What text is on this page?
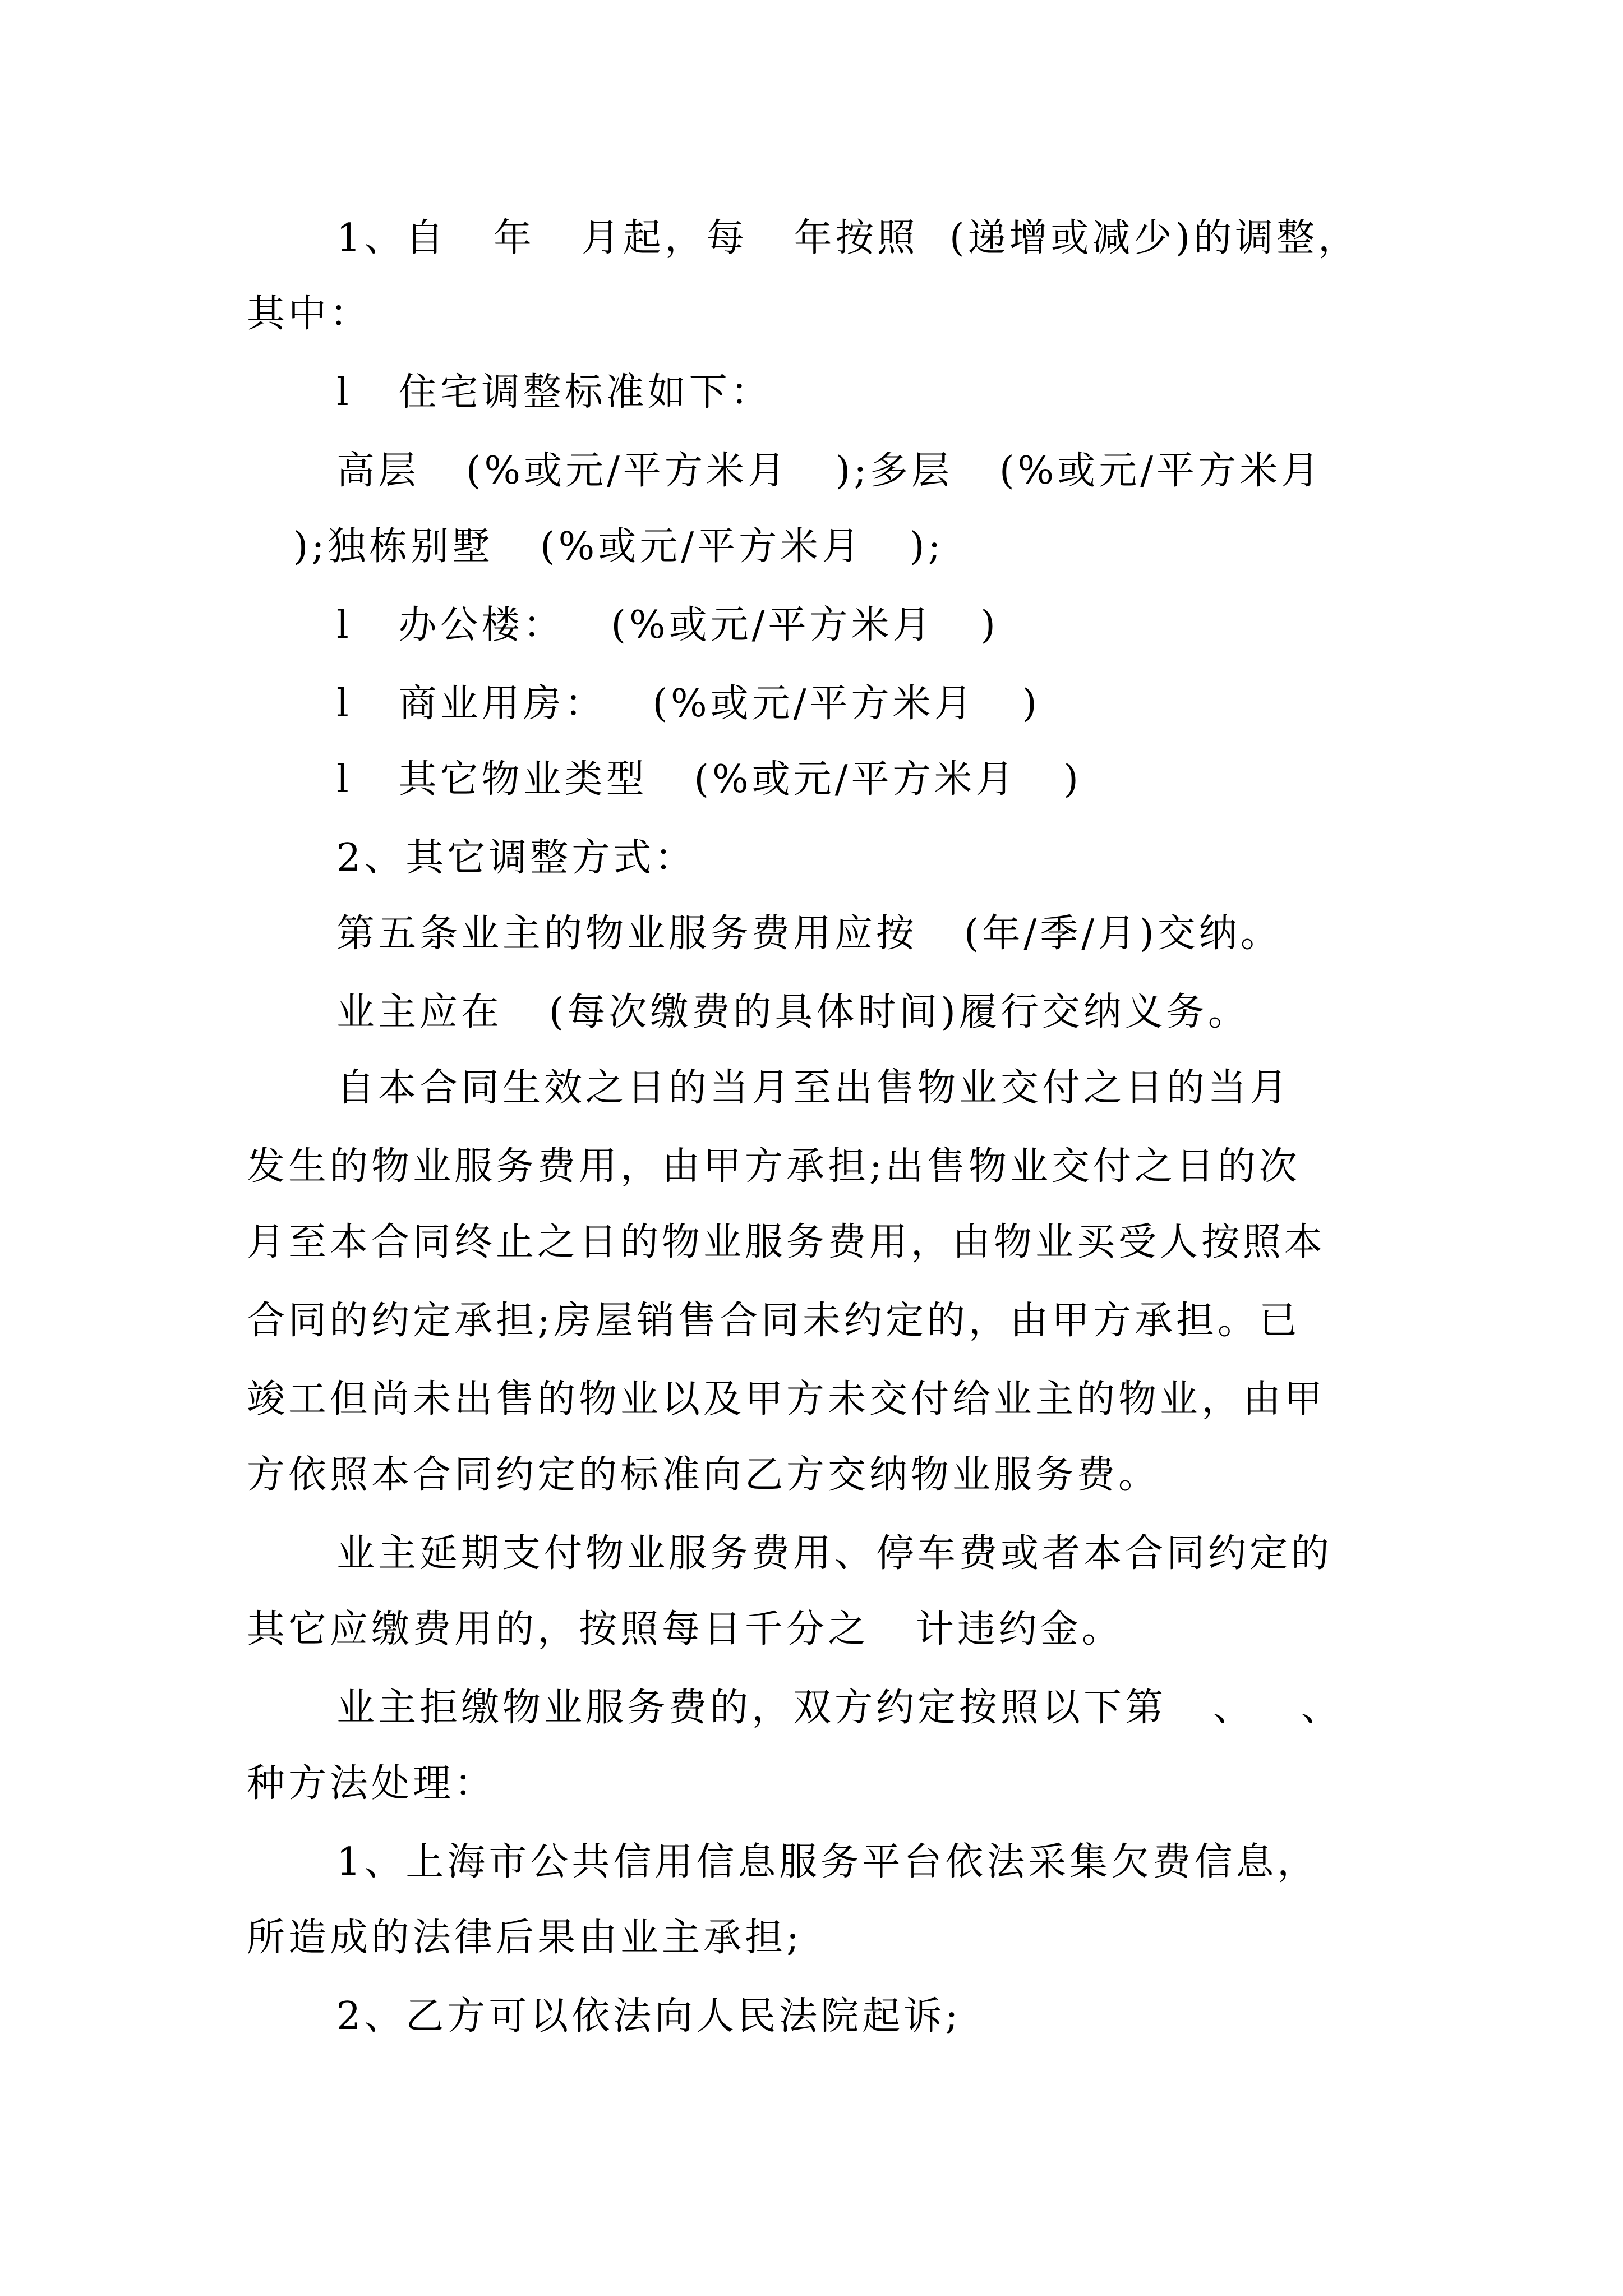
1、自   年   月起，每   年按照  (递增或减少)的调整，
其中：
l   住宅调整标准如下：
高层   (%或元/平方米月   );多层   (%或元/平方米月
);独栋别墅   (%或元/平方米月   );
l   办公楼：   (%或元/平方米月   )
l   商业用房：   (%或元/平方米月   )
l   其它物业类型   (%或元/平方米月   )
2、其它调整方式：
第五条业主的物业服务费用应按   (年/季/月)交纳。
业主应在   (每次缴费的具体时间)履行交纳义务。
自本合同生效之日的当月至出售物业交付之日的当月
发生的物业服务费用，由甲方承担;出售物业交付之日的次
月至本合同终止之日的物业服务费用，由物业买受人按照本
合同的约定承担;房屋销售合同未约定的，由甲方承担。已
竣工但尚未出售的物业以及甲方未交付给业主的物业，由甲
方依照本合同约定的标准向乙方交纳物业服务费。
业主延期支付物业服务费用、停车费或者本合同约定的
其它应缴费用的，按照每日千分之   计违约金。
业主拒缴物业服务费的，双方约定按照以下第   、   、
种方法处理：
1、上海市公共信用信息服务平台依法采集欠费信息，
所造成的法律后果由业主承担;
2、乙方可以依法向人民法院起诉;
